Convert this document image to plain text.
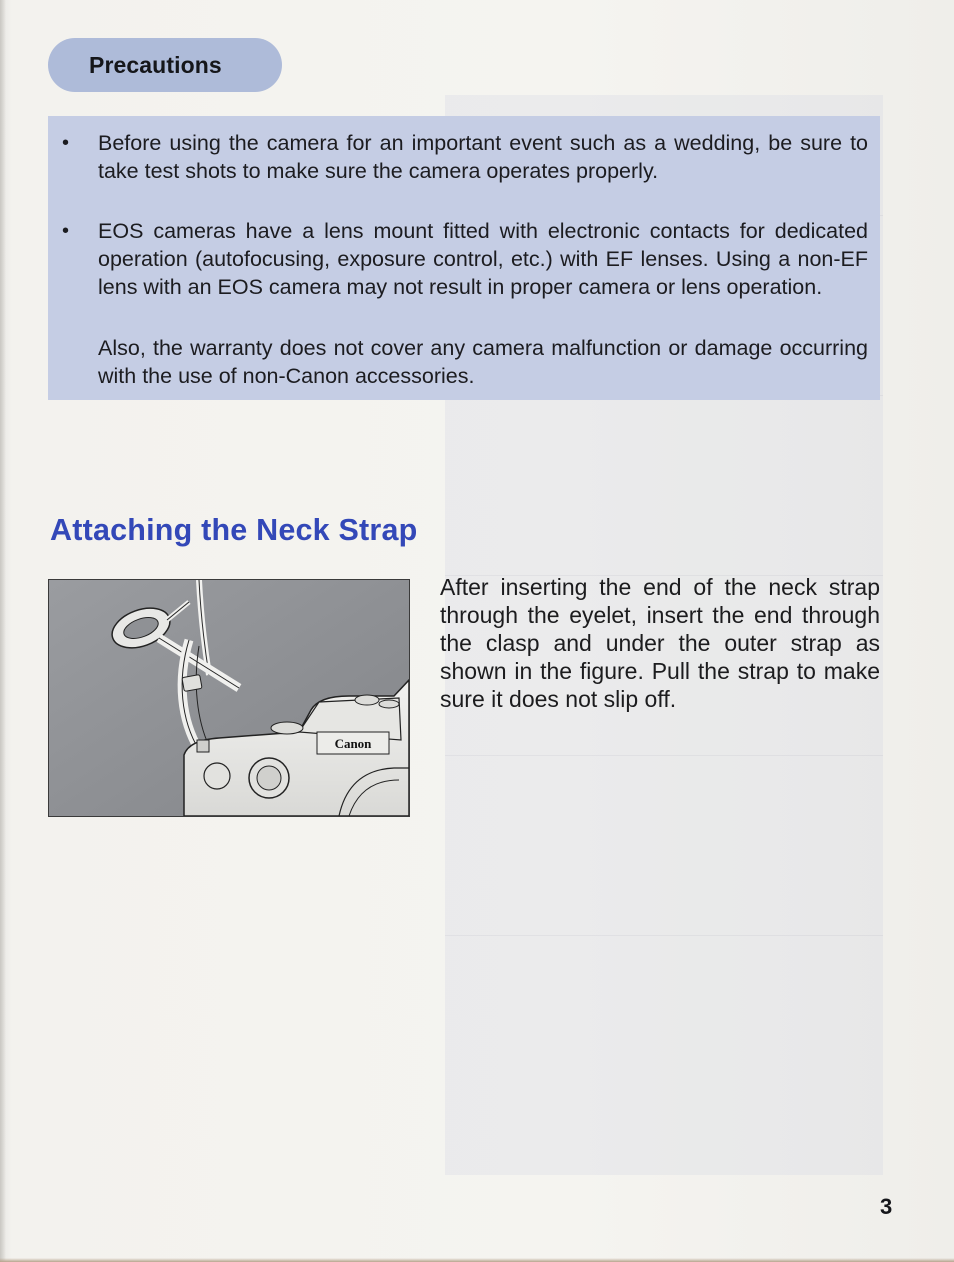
Precautions
• Before using the camera for an important event such as a wedding, be sure to take test shots to make sure the camera operates properly.
• EOS cameras have a lens mount fitted with electronic contacts for dedicated operation (autofocusing, exposure control, etc.) with EF lenses. Using a non-EF lens with an EOS camera may not result in proper camera or lens operation.
Also, the warranty does not cover any camera malfunction or damage occurring with the use of non-Canon accessories.
Attaching the Neck Strap
Canon
After inserting the end of the neck strap through the eyelet, insert the end through the clasp and under the outer strap as shown in the figure. Pull the strap to make sure it does not slip off.
3
